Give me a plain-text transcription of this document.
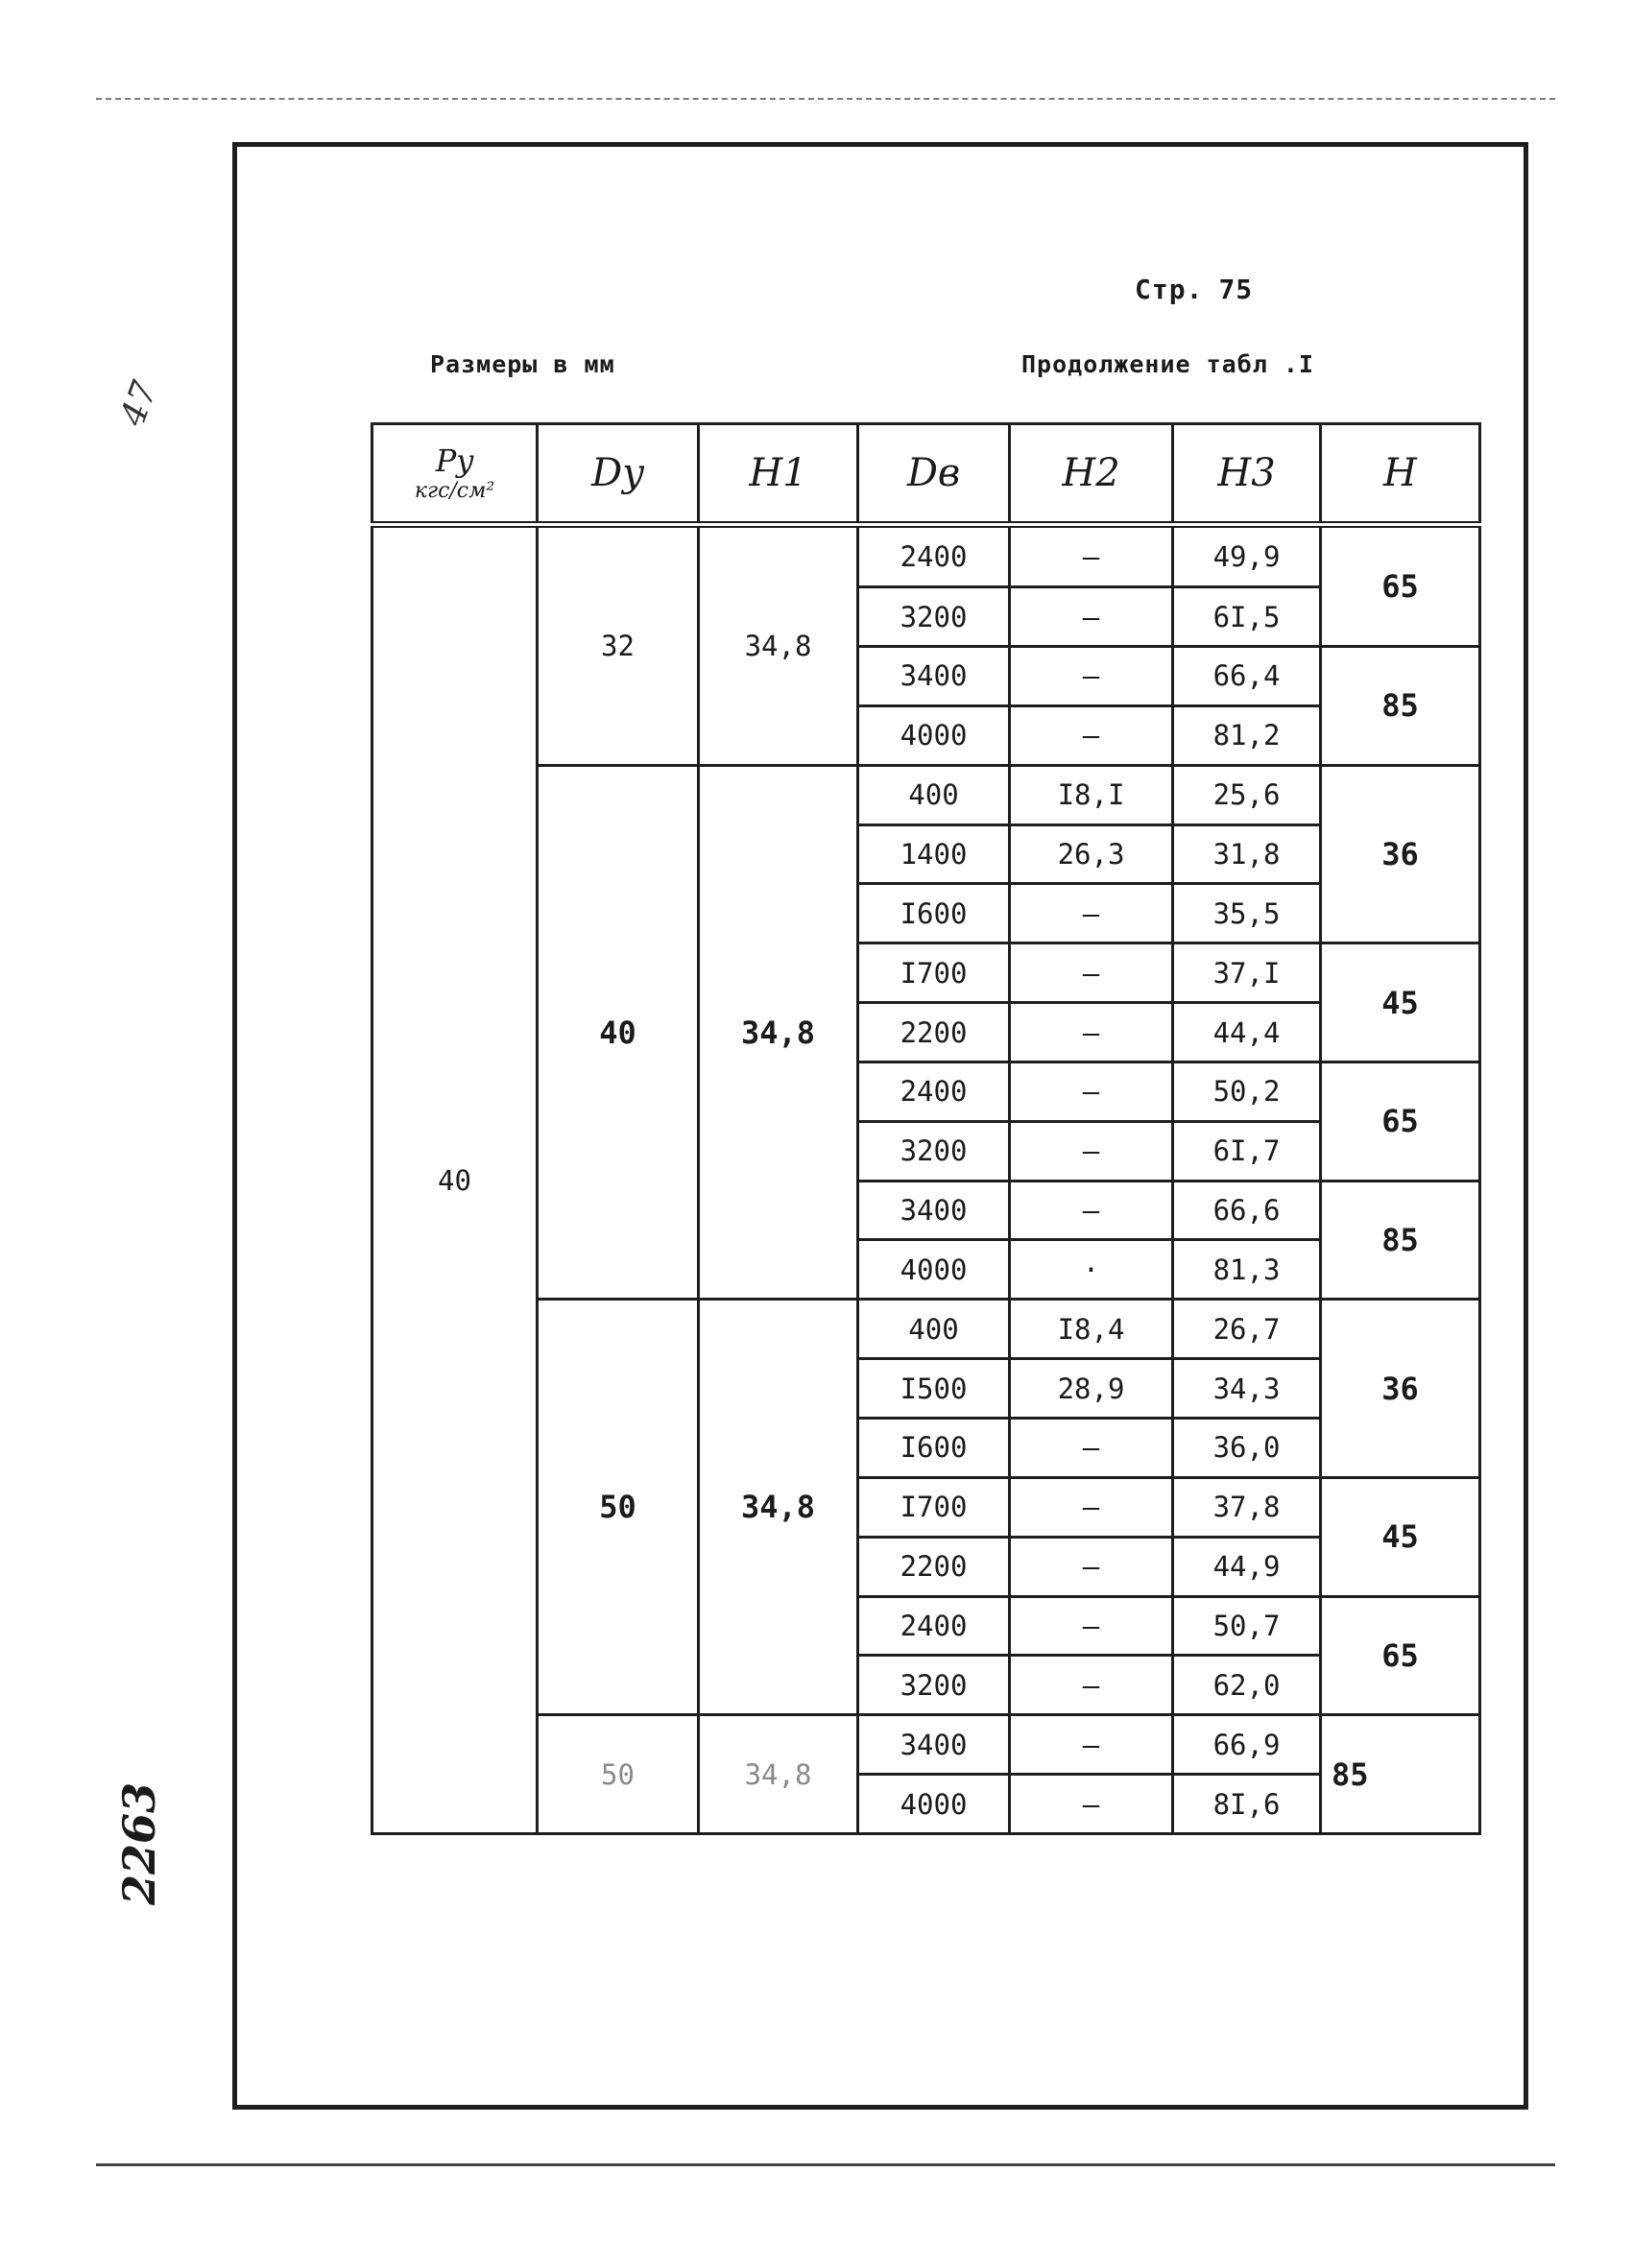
Стр. 75
Размеры в мм	Продолжение табл .I
47
2263
Py
кгс/см²	Dy	H1	Dв	H2	H3	H
40	32	34,8	2400	—	49,9	65
			3200	—	6I,5	
			3400	—	66,4	85
			4000	—	81,2	
	40	34,8	400	I8,I	25,6	36
			1400	26,3	31,8	
			I600	—	35,5	
			I700	—	37,I	45
			2200	—	44,4	
			2400	—	50,2	65
			3200	—	6I,7	
			3400	—	66,6	85
			4000	·	81,3	
	50	34,8	400	I8,4	26,7	36
			I500	28,9	34,3	
			I600	—	36,0	
			I700	—	37,8	45
			2200	—	44,9	
			2400	—	50,7	65
			3200	—	62,0	
	50	34,8	3400	—	66,9	85
			4000	—	8I,6	
